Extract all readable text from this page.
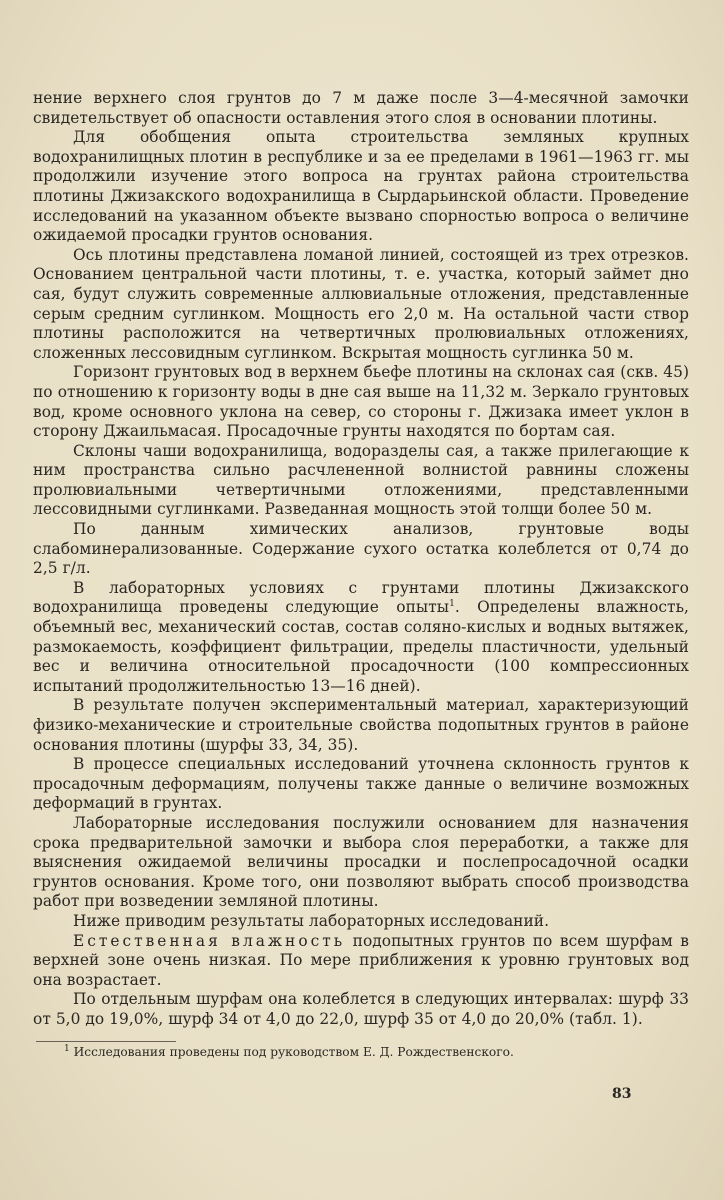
нение верхнего слоя грунтов до 7 м даже после 3—4-месячной замочки свидетельствует об опасности оставления этого слоя в основании плотины.

Для обобщения опыта строительства земляных крупных водохранилищных плотин в республике и за ее пределами в 1961—1963 гг. мы продолжили изучение этого вопроса на грунтах района строительства плотины Джизакского водохранилища в Сырдарьинской области. Проведение исследований на указанном объекте вызвано спорностью вопроса о величине ожидаемой просадки грунтов основания.

Ось плотины представлена ломаной линией, состоящей из трех отрезков. Основанием центральной части плотины, т. е. участка, который займет дно сая, будут служить современные аллювиальные отложения, представленные серым средним суглинком. Мощность его 2,0 м. На остальной части створ плотины расположится на четвертичных пролювиальных отложениях, сложенных лессовидным суглинком. Вскрытая мощность суглинка 50 м.

Горизонт грунтовых вод в верхнем бьефе плотины на склонах сая (скв. 45) по отношению к горизонту воды в дне сая выше на 11,32 м. Зеркало грунтовых вод, кроме основного уклона на север, со стороны г. Джизака имеет уклон в сторону Джаильмасая. Просадочные грунты находятся по бортам сая.

Склоны чаши водохранилища, водоразделы сая, а также прилегающие к ним пространства сильно расчлененной волнистой равнины сложены пролювиальными четвертичными отложениями, представленными лессовидными суглинками. Разведанная мощность этой толщи более 50 м.

По данным химических анализов, грунтовые воды слабоминерализованные. Содержание сухого остатка колеблется от 0,74 до 2,5 г/л.

В лабораторных условиях с грунтами плотины Джизакского водохранилища проведены следующие опыты$^1$. Определены влажность, объемный вес, механический состав, состав соляно-кислых и водных вытяжек, размокаемость, коэффициент фильтрации, пределы пластичности, удельный вес и величина относительной просадочности (100 компрессионных испытаний продолжительностью 13—16 дней).

В результате получен экспериментальный материал, характеризующий физико-механические и строительные свойства подопытных грунтов в районе основания плотины (шурфы 33, 34, 35).

В процессе специальных исследований уточнена склонность грунтов к просадочным деформациям, получены также данные о величине возможных деформаций в грунтах.

Лабораторные исследования послужили основанием для назначения срока предварительной замочки и выбора слоя переработки, а также для выяснения ожидаемой величины просадки и послепросадочной осадки грунтов основания. Кроме того, они позволяют выбрать способ производства работ при возведении земляной плотины.

Ниже приводим результаты лабораторных исследований.

Естественная влажность подопытных грунтов по всем шурфам в верхней зоне очень низкая. По мере приближения к уровню грунтовых вод она возрастает.

По отдельным шурфам она колеблется в следующих интервалах: шурф 33 от 5,0 до 19,0%, шурф 34 от 4,0 до 22,0, шурф 35 от 4,0 до 20,0% (табл. 1).

$^1$ Исследования проведены под руководством Е. Д. Рождественского.
83
